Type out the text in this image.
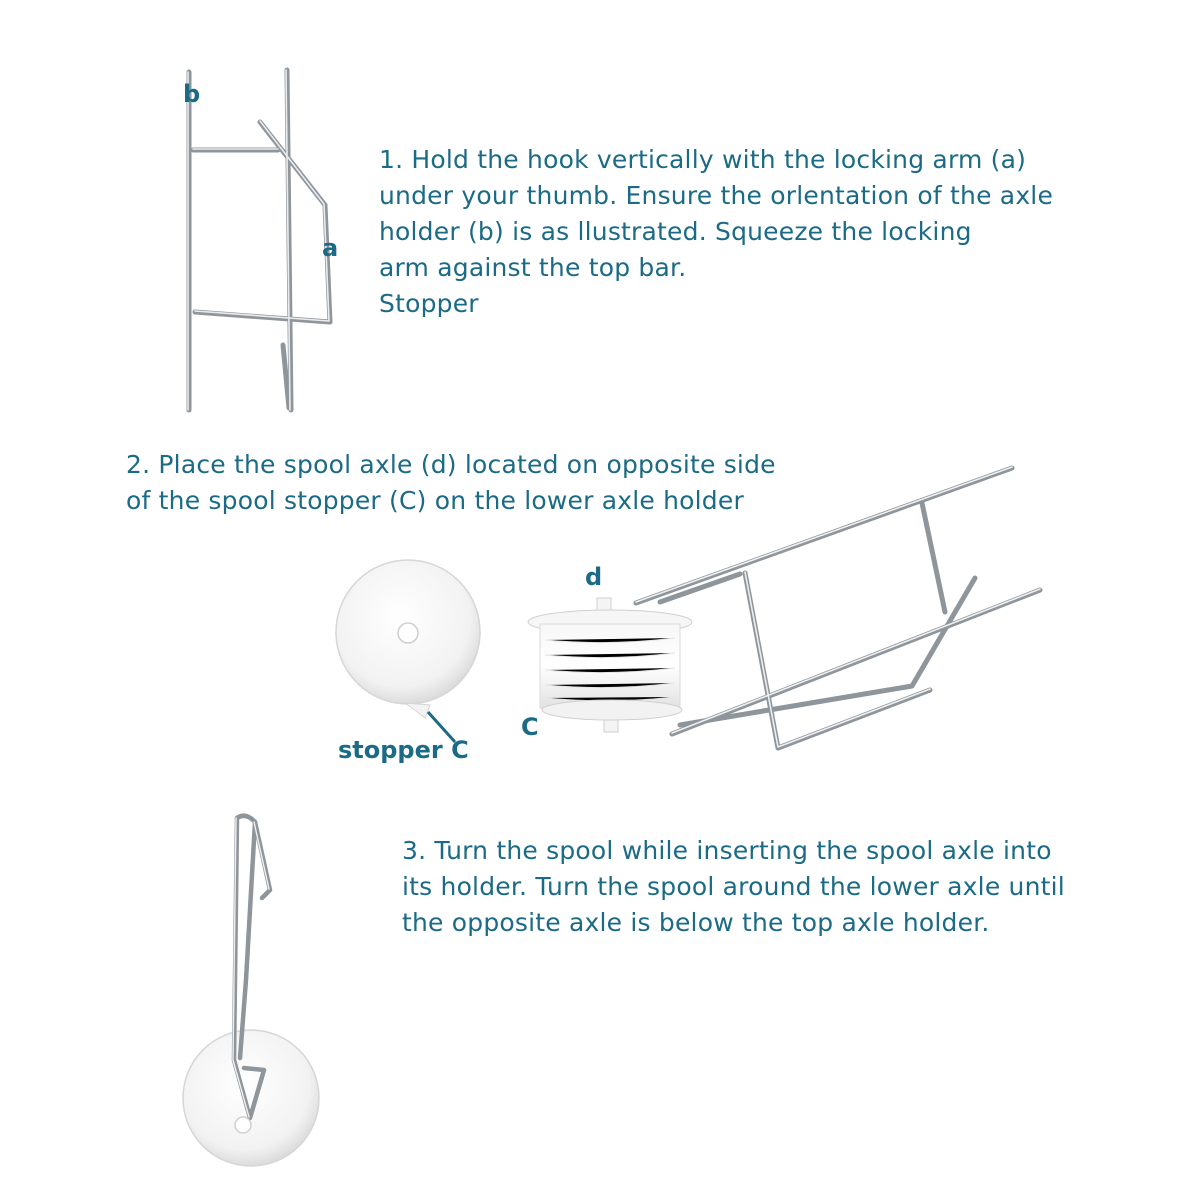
b
a
d
C
stopper C
1. Hold the hook vertically with the locking arm (a)
under your thumb. Ensure the orlentation of the axle
holder (b) is as llustrated. Squeeze the locking
arm against the top bar.
Stopper
2. Place the spool axle (d) located on opposite side
of the spool stopper (C) on the lower axle holder
3. Turn the spool while inserting the spool axle into
its holder. Turn the spool around the lower axle until
the opposite axle is below the top axle holder.
